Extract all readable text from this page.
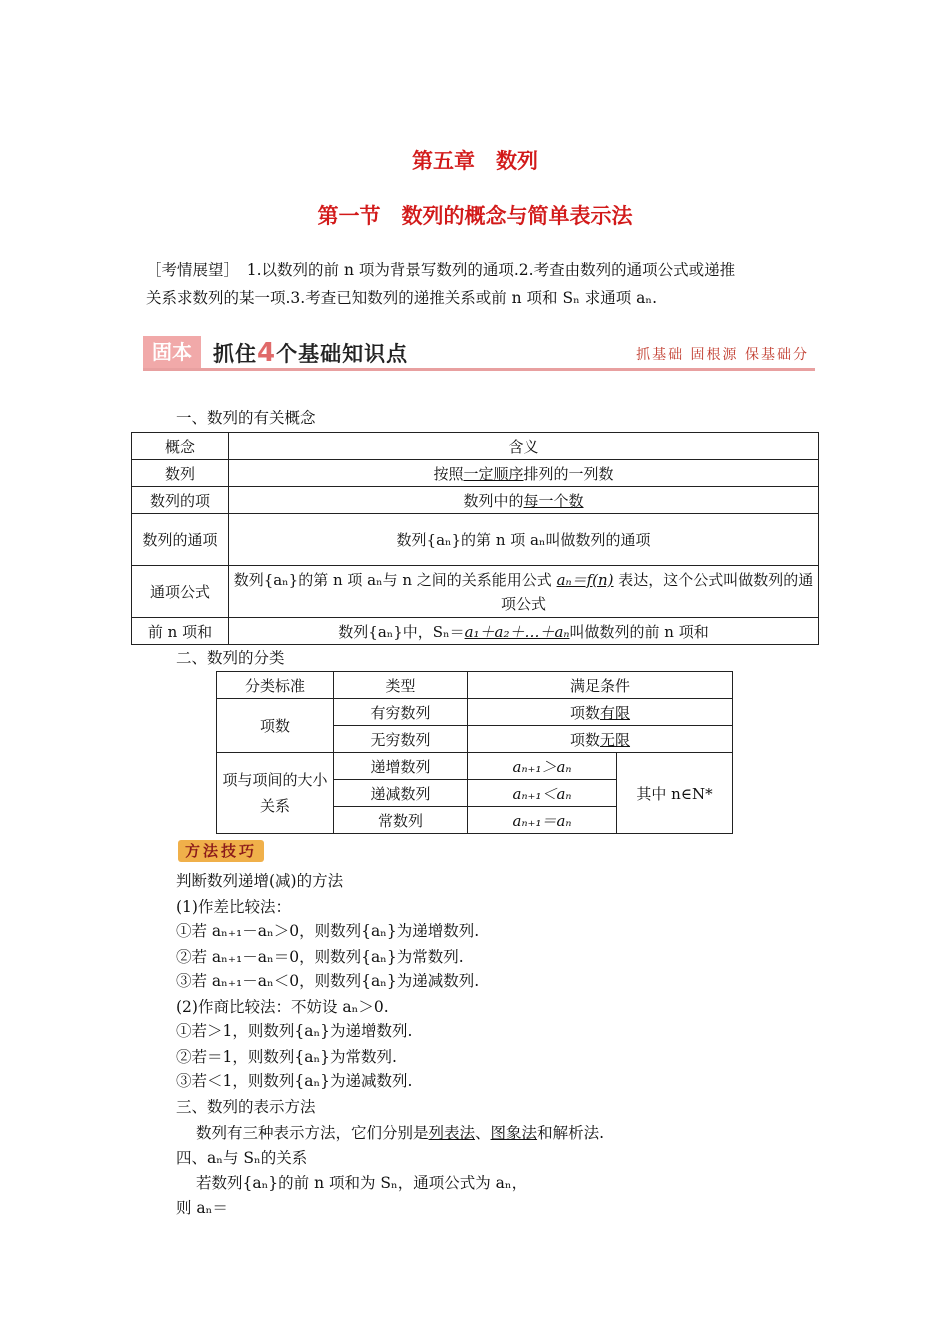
第五章　数列
第一节　数列的概念与简单表示法
［考情展望］　1.以数列的前 n 项为背景写数列的通项.2.考查由数列的通项公式或递推
关系求数列的某一项.3.考查已知数列的递推关系或前 n 项和 Sₙ 求通项 aₙ.
固本	抓住4个基础知识点	抓基础 固根源 保基础分
一、数列的有关概念
概念	含义
数列	按照一定顺序排列的一列数
数列的项	数列中的每一个数
数列的通项	数列{aₙ}的第 n 项 aₙ叫做数列的通项
通项公式	数列{aₙ}的第 n 项 aₙ与 n 之间的关系能用公式 aₙ＝f(n) 表达，这个公式叫做数列的通项公式
前 n 项和	数列{aₙ}中，Sₙ＝a₁＋a₂＋…＋aₙ叫做数列的前 n 项和
二、数列的分类
分类标准	类型	满足条件	
项数	有穷数列	项数有限	
	无穷数列	项数无限	
项与项间的大小关系	递增数列	aₙ₊₁＞aₙ	其中 n∈N*
	递减数列	aₙ₊₁＜aₙ	
	常数列	aₙ₊₁＝aₙ	
方法技巧
判断数列递增(减)的方法
(1)作差比较法：
①若 aₙ₊₁－aₙ＞0，则数列{aₙ}为递增数列.
②若 aₙ₊₁－aₙ＝0，则数列{aₙ}为常数列.
③若 aₙ₊₁－aₙ＜0，则数列{aₙ}为递减数列.
(2)作商比较法：不妨设 aₙ＞0.
①若＞1，则数列{aₙ}为递增数列.
②若＝1，则数列{aₙ}为常数列.
③若＜1，则数列{aₙ}为递减数列.
三、数列的表示方法
数列有三种表示方法，它们分别是列表法、图象法和解析法.
四、aₙ与 Sₙ的关系
若数列{aₙ}的前 n 项和为 Sₙ，通项公式为 aₙ，
则 aₙ＝
